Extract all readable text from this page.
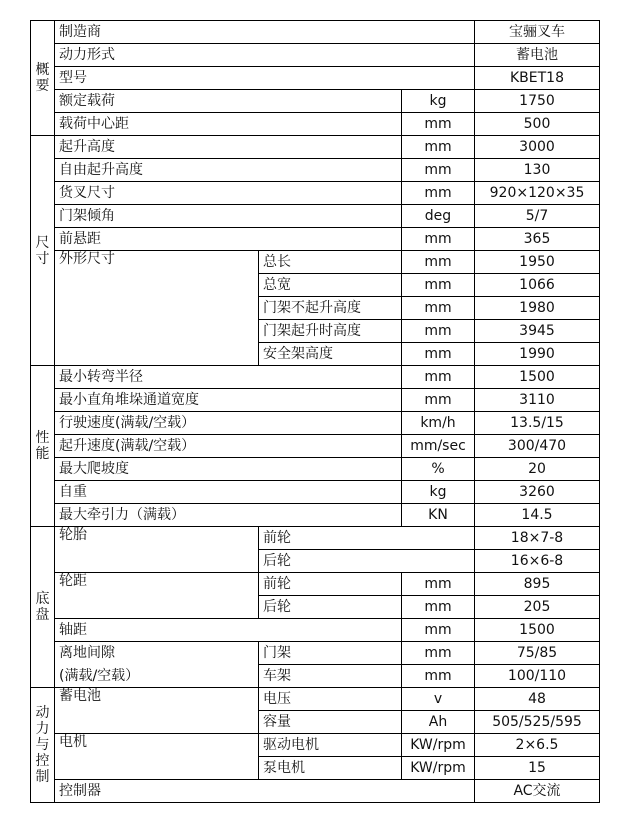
概
要	制造商			宝骊叉车
	动力形式			蓄电池
	型号			KBET18
	额定载荷		kg	1750
	载荷中心距		mm	500
尺
寸	起升高度		mm	3000
	自由起升高度		mm	130
	货叉尺寸		mm	920×120×35
	门架倾角		deg	5/7
	前悬距		mm	365
	外形尺寸	总长	mm	1950
		总宽	mm	1066
		门架不起升高度	mm	1980
		门架起升时高度	mm	3945
		安全架高度	mm	1990
性
能	最小转弯半径		mm	1500
	最小直角堆垛通道宽度		mm	3110
	行驶速度(满载/空载）		km/h	13.5/15
	起升速度(满载/空载）		mm/sec	300/470
	最大爬坡度		%	20
	自重		kg	3260
	最大牵引力（满载）		KN	14.5
底
盘	轮胎	前轮		18×7-8
		后轮		16×6-8
	轮距	前轮	mm	895
		后轮	mm	205
	轴距		mm	1500
	离地间隙	门架	mm	75/85
	(满载/空载）	车架	mm	100/110
动
力
与
控
制	蓄电池	电压	v	48
		容量	Ah	505/525/595
	电机	驱动电机	KW/rpm	2×6.5
		泵电机	KW/rpm	15
	控制器			AC交流
